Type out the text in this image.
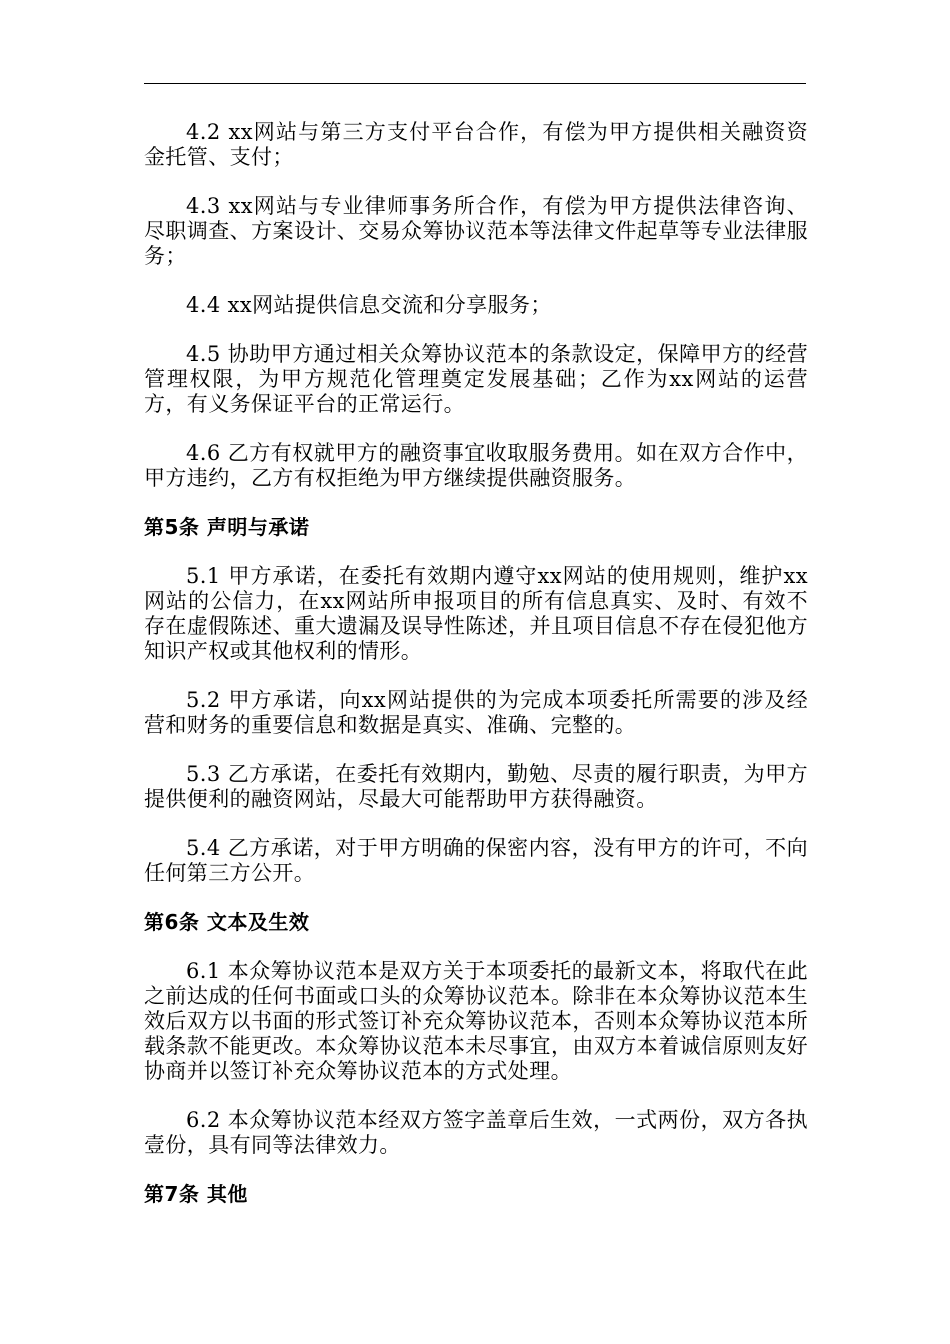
4.2 xx网站与第三方支付平台合作，有偿为甲方提供相关融资资金托管、支付；

4.3 xx网站与专业律师事务所合作，有偿为甲方提供法律咨询、尽职调查、方案设计、交易众筹协议范本等法律文件起草等专业法律服务；

4.4 xx网站提供信息交流和分享服务；

4.5 协助甲方通过相关众筹协议范本的条款设定，保障甲方的经营管理权限，为甲方规范化管理奠定发展基础；乙作为xx网站的运营方，有义务保证平台的正常运行。

4.6 乙方有权就甲方的融资事宜收取服务费用。如在双方合作中，甲方违约，乙方有权拒绝为甲方继续提供融资服务。

第5条 声明与承诺

5.1 甲方承诺，在委托有效期内遵守xx网站的使用规则，维护xx网站的公信力，在xx网站所申报项目的所有信息真实、及时、有效不存在虚假陈述、重大遗漏及误导性陈述，并且项目信息不存在侵犯他方知识产权或其他权利的情形。

5.2 甲方承诺，向xx网站提供的为完成本项委托所需要的涉及经营和财务的重要信息和数据是真实、准确、完整的。

5.3 乙方承诺，在委托有效期内，勤勉、尽责的履行职责，为甲方提供便利的融资网站，尽最大可能帮助甲方获得融资。

5.4 乙方承诺，对于甲方明确的保密内容，没有甲方的许可，不向任何第三方公开。

第6条 文本及生效

6.1 本众筹协议范本是双方关于本项委托的最新文本，将取代在此之前达成的任何书面或口头的众筹协议范本。除非在本众筹协议范本生效后双方以书面的形式签订补充众筹协议范本，否则本众筹协议范本所载条款不能更改。本众筹协议范本未尽事宜，由双方本着诚信原则友好协商并以签订补充众筹协议范本的方式处理。

6.2 本众筹协议范本经双方签字盖章后生效，一式两份，双方各执壹份，具有同等法律效力。

第7条 其他
